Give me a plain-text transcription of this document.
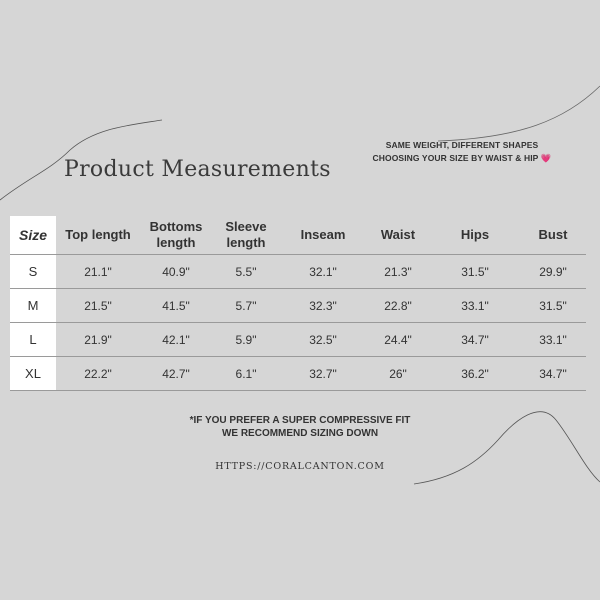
SAME WEIGHT, DIFFERENT SHAPES
CHOOSING YOUR SIZE BY WAIST & HIP 💗
Product Measurements
Size	Top length	Bottoms length	Sleeve length	Inseam	Waist	Hips	Bust
S	21.1"	40.9"	5.5"	32.1"	21.3"	31.5"	29.9"
M	21.5"	41.5"	5.7"	32.3"	22.8"	33.1"	31.5"
L	21.9"	42.1"	5.9"	32.5"	24.4"	34.7"	33.1"
XL	22.2"	42.7"	6.1"	32.7"	26"	36.2"	34.7"
*IF YOU PREFER A SUPER COMPRESSIVE FIT
WE RECOMMEND SIZING DOWN
HTTPS://CORALCANTON.COM
